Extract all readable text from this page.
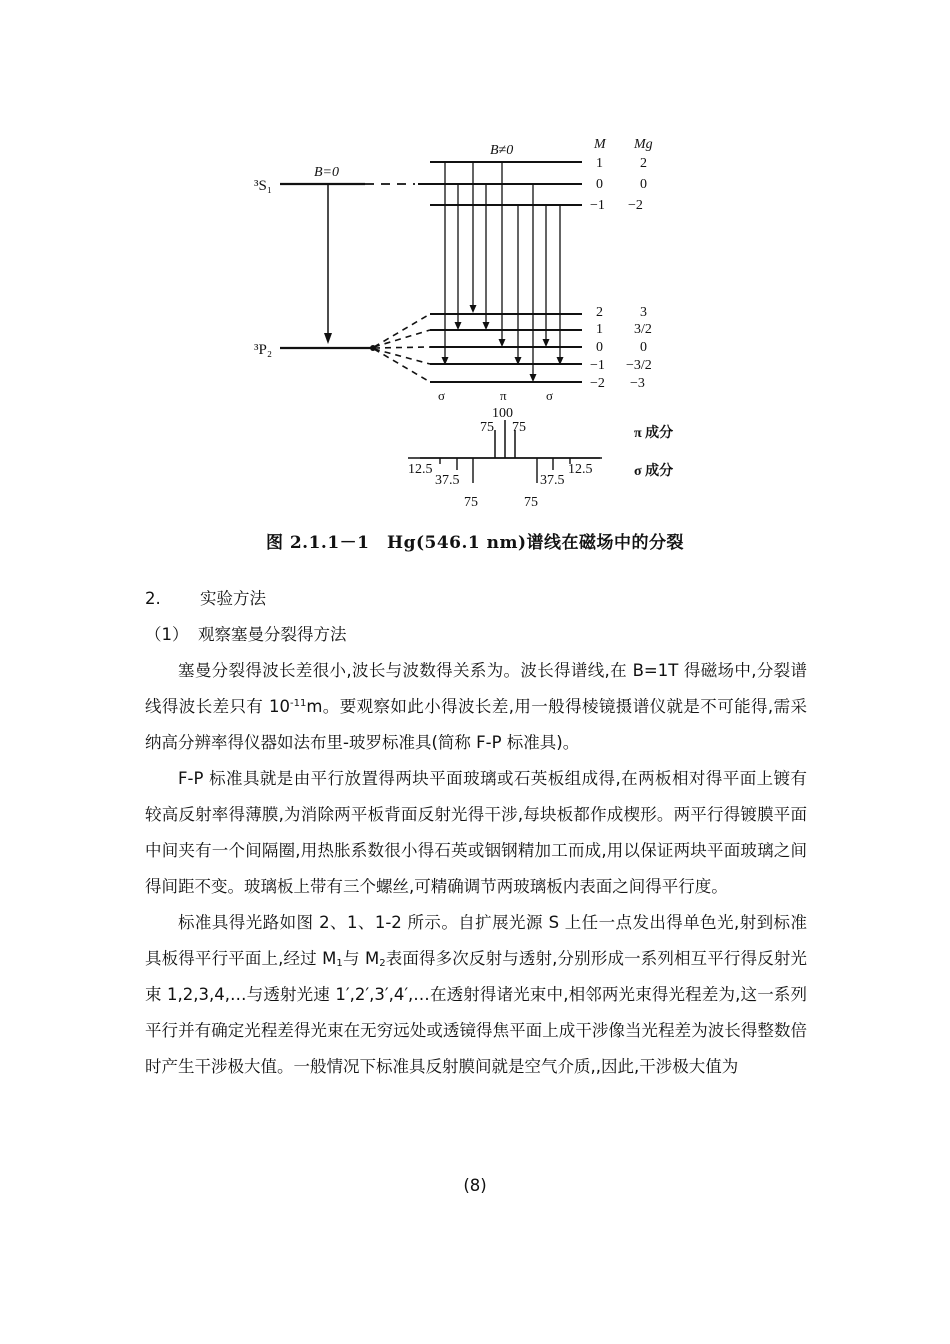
³S₁
³P₂
B=0
B≠0	M Mg
1	2
0	0
−1 −2
2	3
1 3/2
0	0
−1 −3/2
−2 −3
σ	π	σ
100
75 75	π 成分
12.5
37.5
75	75
37.5
12.5	σ 成分
图 2.1.1－1　Hg(546.1 nm)谱线在磁场中的分裂
2. 实验方法
（1） 观察塞曼分裂得方法

塞曼分裂得波长差很小,波长与波数得关系为。波长得谱线,在 B=1T 得磁场中,分裂谱线得波长差只有 $10^{-11}m$。要观察如此小得波长差,用一般得棱镜摄谱仪就是不可能得,需采纳高分辨率得仪器如法布里-玻罗标准具(简称 F-P 标准具)。

F-P 标准具就是由平行放置得两块平面玻璃或石英板组成得,在两板相对得平面上镀有较高反射率得薄膜,为消除两平板背面反射光得干涉,每块板都作成楔形。两平行得镀膜平面中间夹有一个间隔圈,用热胀系数很小得石英或铟钢精加工而成,用以保证两块平面玻璃之间得间距不变。玻璃板上带有三个螺丝,可精确调节两玻璃板内表面之间得平行度。

标准具得光路如图 2、1、1-2 所示。自扩展光源 S 上任一点发出得单色光,射到标准具板得平行平面上,经过 $M_1$与 $M_2$表面得多次反射与透射,分别形成一系列相互平行得反射光束 1,2,3,4,…与透射光速 1′,2′,3′,4′,…在透射得诸光束中,相邻两光束得光程差为,这一系列平行并有确定光程差得光束在无穷远处或透镜得焦平面上成干涉像当光程差为波长得整数倍时产生干涉极大值。一般情况下标准具反射膜间就是空气介质,,因此,干涉极大值为

(8)
